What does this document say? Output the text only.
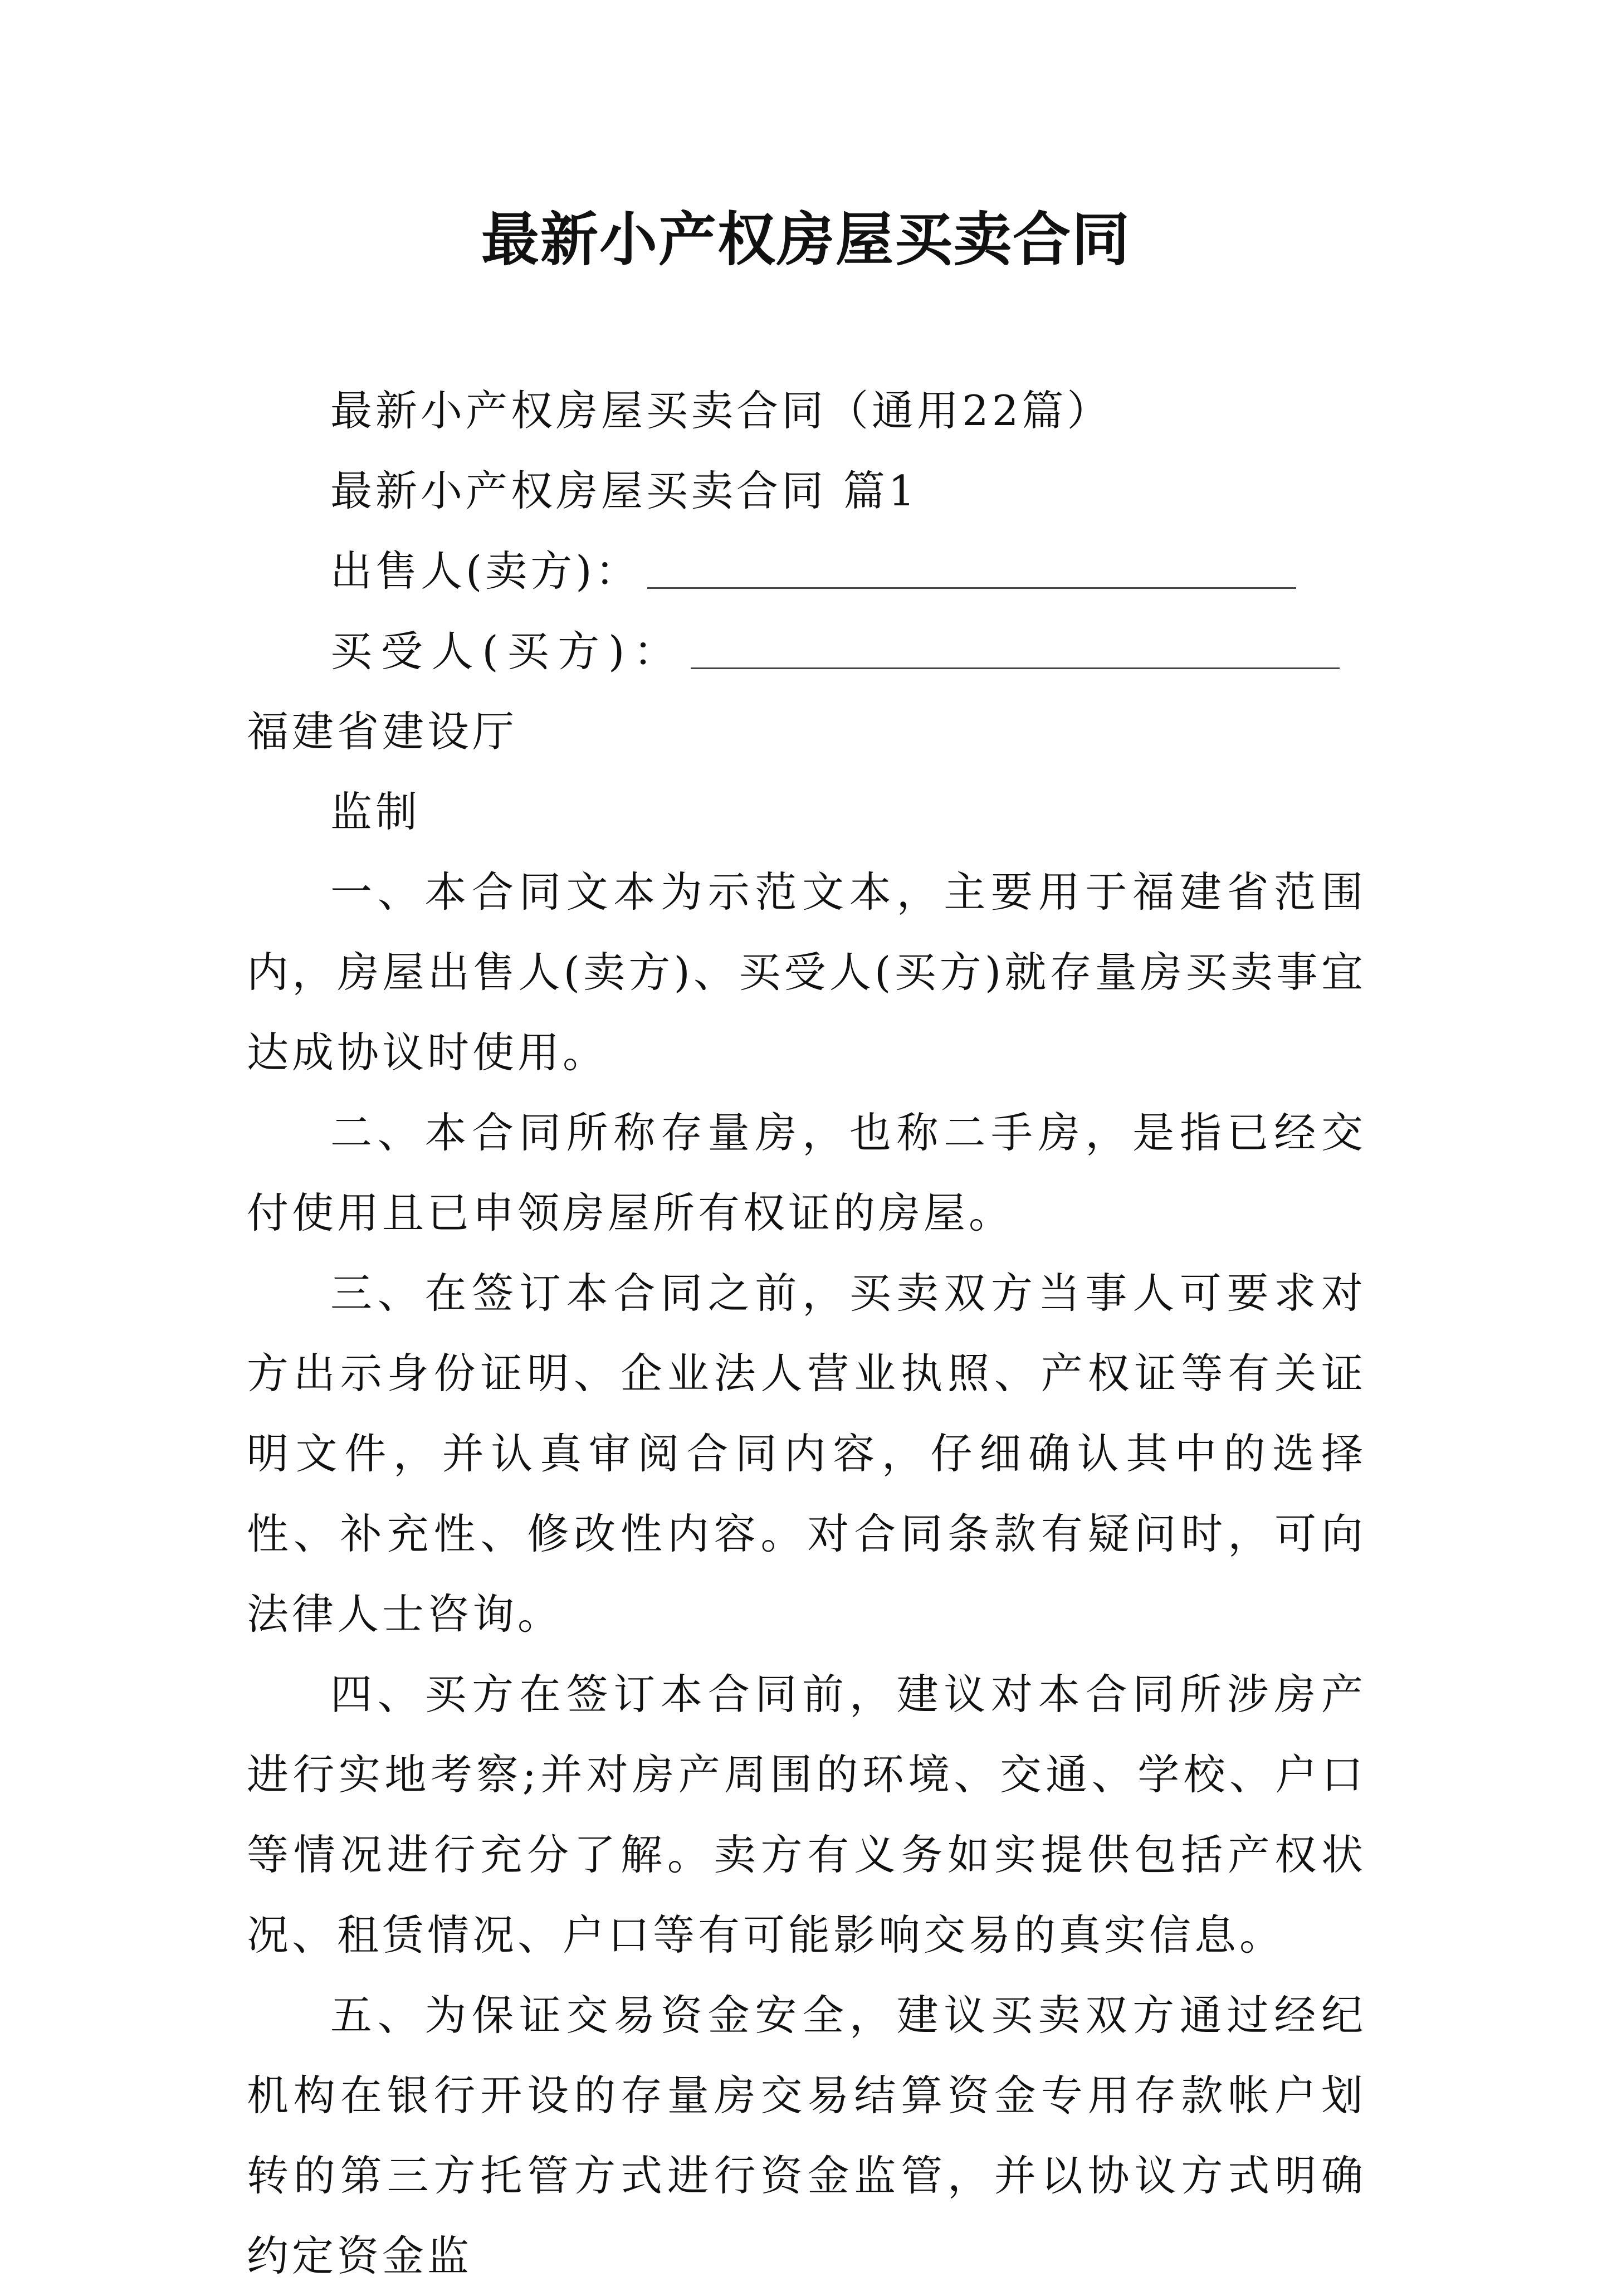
最新小产权房屋买卖合同

最新小产权房屋买卖合同（通用22篇）

最新小产权房屋买卖合同 篇1

出售人(卖方)：

买受人(买方)：福建省建设厅

监制

一、本合同文本为示范文本，主要用于福建省范围内，房屋出售人(卖方)、买受人(买方)就存量房买卖事宜达成协议时使用。

二、本合同所称存量房，也称二手房，是指已经交付使用且已申领房屋所有权证的房屋。

三、在签订本合同之前，买卖双方当事人可要求对方出示身份证明、企业法人营业执照、产权证等有关证明文件，并认真审阅合同内容，仔细确认其中的选择性、补充性、修改性内容。对合同条款有疑问时，可向法律人士咨询。

四、买方在签订本合同前，建议对本合同所涉房产进行实地考察;并对房产周围的环境、交通、学校、户口等情况进行充分了解。卖方有义务如实提供包括产权状况、租赁情况、户口等有可能影响交易的真实信息。

五、为保证交易资金安全，建议买卖双方通过经纪机构在银行开设的存量房交易结算资金专用存款帐户划转的第三方托管方式进行资金监管，并以协议方式明确约定资金监
